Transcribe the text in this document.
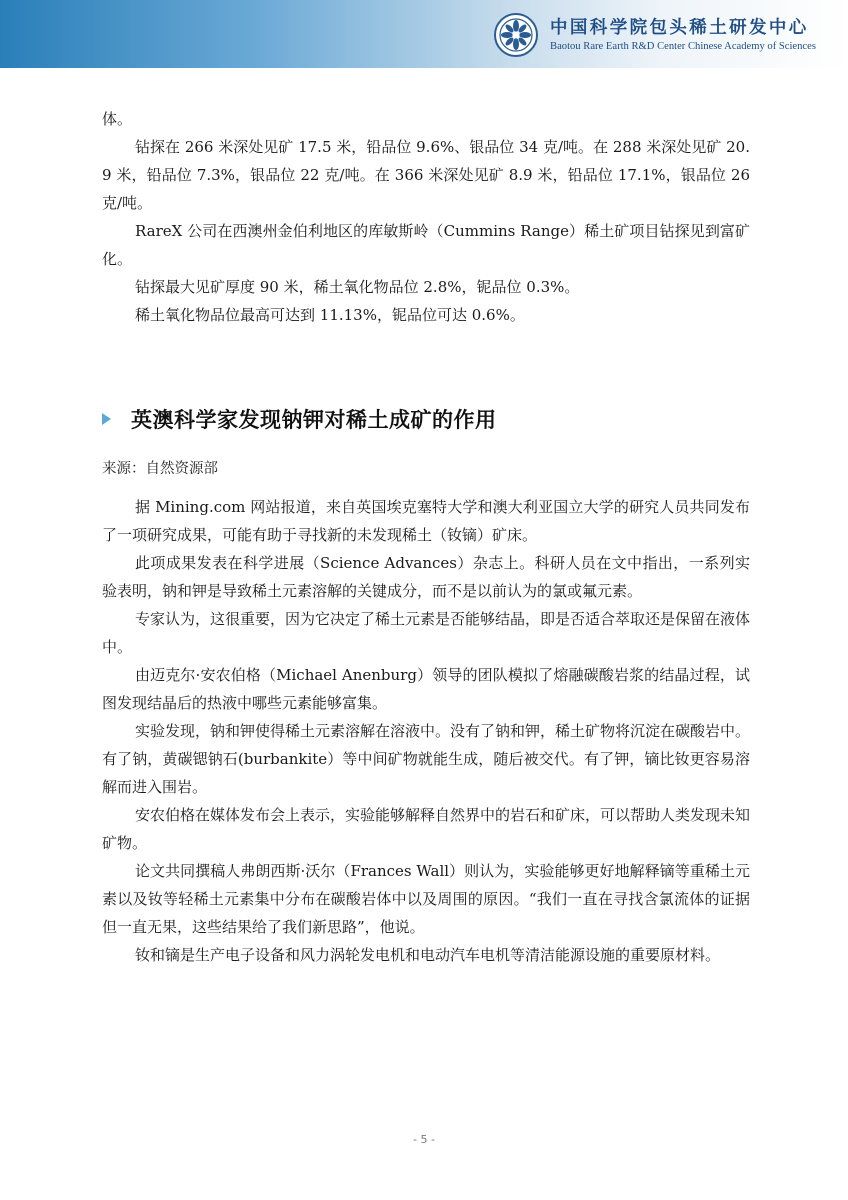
中国科学院包头稀土研发中心
Baotou Rare Earth R&D Center Chinese Academy of Sciences

体。

钻探在 266 米深处见矿 17.5 米，铅品位 9.6%、银品位 34 克/吨。在 288 米深处见矿 20.9 米，铅品位 7.3%，银品位 22 克/吨。在 366 米深处见矿 8.9 米，铅品位 17.1%，银品位 26 克/吨。

RareX 公司在西澳州金伯利地区的库敏斯岭（Cummins Range）稀土矿项目钻探见到富矿化。

钻探最大见矿厚度 90 米，稀土氧化物品位 2.8%，铌品位 0.3%。

稀土氧化物品位最高可达到 11.13%，铌品位可达 0.6%。

英澳科学家发现钠钾对稀土成矿的作用
来源：自然资源部

据 Mining.com 网站报道，来自英国埃克塞特大学和澳大利亚国立大学的研究人员共同发布了一项研究成果，可能有助于寻找新的未发现稀土（钕镝）矿床。

此项成果发表在科学进展（Science Advances）杂志上。科研人员在文中指出，一系列实验表明，钠和钾是导致稀土元素溶解的关键成分，而不是以前认为的氯或氟元素。

专家认为，这很重要，因为它决定了稀土元素是否能够结晶，即是否适合萃取还是保留在液体中。

由迈克尔·安农伯格（Michael Anenburg）领导的团队模拟了熔融碳酸岩浆的结晶过程，试图发现结晶后的热液中哪些元素能够富集。

实验发现，钠和钾使得稀土元素溶解在溶液中。没有了钠和钾，稀土矿物将沉淀在碳酸岩中。有了钠，黄碳锶钠石(burbankite）等中间矿物就能生成，随后被交代。有了钾，镝比钕更容易溶解而进入围岩。

安农伯格在媒体发布会上表示，实验能够解释自然界中的岩石和矿床，可以帮助人类发现未知矿物。

论文共同撰稿人弗朗西斯·沃尔（Frances Wall）则认为，实验能够更好地解释镝等重稀土元素以及钕等轻稀土元素集中分布在碳酸岩体中以及周围的原因。“我们一直在寻找含氯流体的证据但一直无果，这些结果给了我们新思路”，他说。

钕和镝是生产电子设备和风力涡轮发电机和电动汽车电机等清洁能源设施的重要原材料。

- 5 -
